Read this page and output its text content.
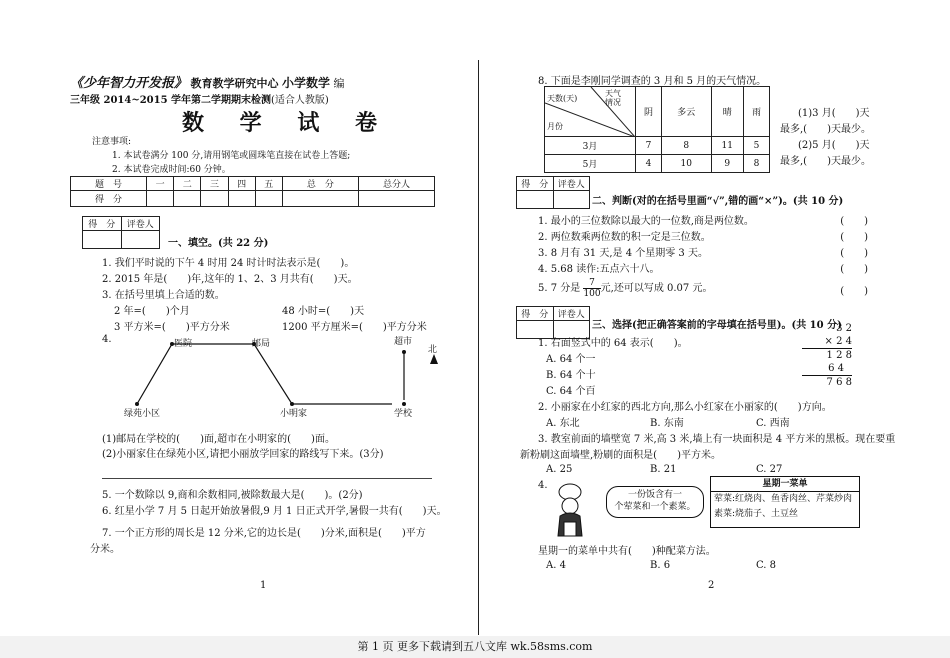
《少年智力开发报》 教育教学研究中心 小学数学 编
三年级 2014~2015 学年第二学期期末检测(适合人教版)
数 学 试 卷
注意事项:
1. 本试卷满分 100 分,请用钢笔或圆珠笔直接在试卷上答题;
2. 本试卷完成时间:60 分钟。
题　号	一	二	三	四	五	总　分	总分人
得　分							
得　分	评卷人

一、填空。(共 22 分)
1. 我们平时说的下午 4 时用 24 时计时法表示是(　　)。
2. 2015 年是(　　)年,这年的 1、2、3 月共有(　　)天。
3. 在括号里填上合适的数。
2 年=(　　)个月	48 小时=(　　)天
3 平方米=(　　)平方分米	1200 平方厘米=(　　)平方分米
4.	医院	邮局	超市
北
绿苑小区	小明家	学校
(1)邮局在学校的(　　)面,超市在小明家的(　　)面。
(2)小丽家住在绿苑小区,请把小丽放学回家的路线写下来。(3分)
5. 一个数除以 9,商和余数相同,被除数最大是(　　)。(2分)
6. 红星小学 7 月 5 日起开始放暑假,9 月 1 日正式开学,暑假一共有(　　)天。
7. 一个正方形的周长是 12 分米,它的边长是(　　)分米,面积是(　　)平方
分米。
1
8. 下面是李刚同学调查的 3 月和 5 月的天气情况。
天气
情况
天数(天)
月份	阴	多云	晴	雨
3月	7	8	11	5
5月	4	10	9	8
(1)3 月(　　)天
最多,(　　)天最少。
(2)5 月(　　)天
最多,(　　)天最少。
得　分	评卷人

二、判断(对的在括号里画“√”,错的画“×”)。(共 10 分)
1. 最小的三位数除以最大的一位数,商是两位数。	(　　)
2. 两位数乘两位数的积一定是三位数。	(　　)
3. 8 月有 31 天,是 4 个星期零 3 天。	(　　)
4. 5.68 读作:五点六十八。	(　　)
5. 7 分是 $\frac{7}{100}$ 元,还可以写成 0.07 元。	(　　)
得　分	评卷人

三、选择(把正确答案前的字母填在括号里)。(共 10 分)
3 2
× 2 4
1 2 8
6 4
7 6 8
1. 右面竖式中的 64 表示(　　)。
A. 64 个一
B. 64 个十
C. 64 个百
2. 小丽家在小红家的西北方向,那么小红家在小丽家的(　　)方向。
A. 东北	B. 东南	C. 西南
3. 教室前面的墙壁宽 7 米,高 3 米,墙上有一块面积是 4 平方米的黑板。现在要重
新粉刷这面墙壁,粉刷的面积是(　　)平方米。
A. 25	B. 21	C. 27
4.
一份饭含有一
个荤菜和一个素菜。
星期一菜单
荤菜:红烧肉、鱼香肉丝、芹菜炒肉
素菜:烧茄子、土豆丝
星期一的菜单中共有(　　)种配菜方法。
A. 4	B. 6	C. 8
2
第 1 页 更多下载请到五八文库 wk.58sms.com
